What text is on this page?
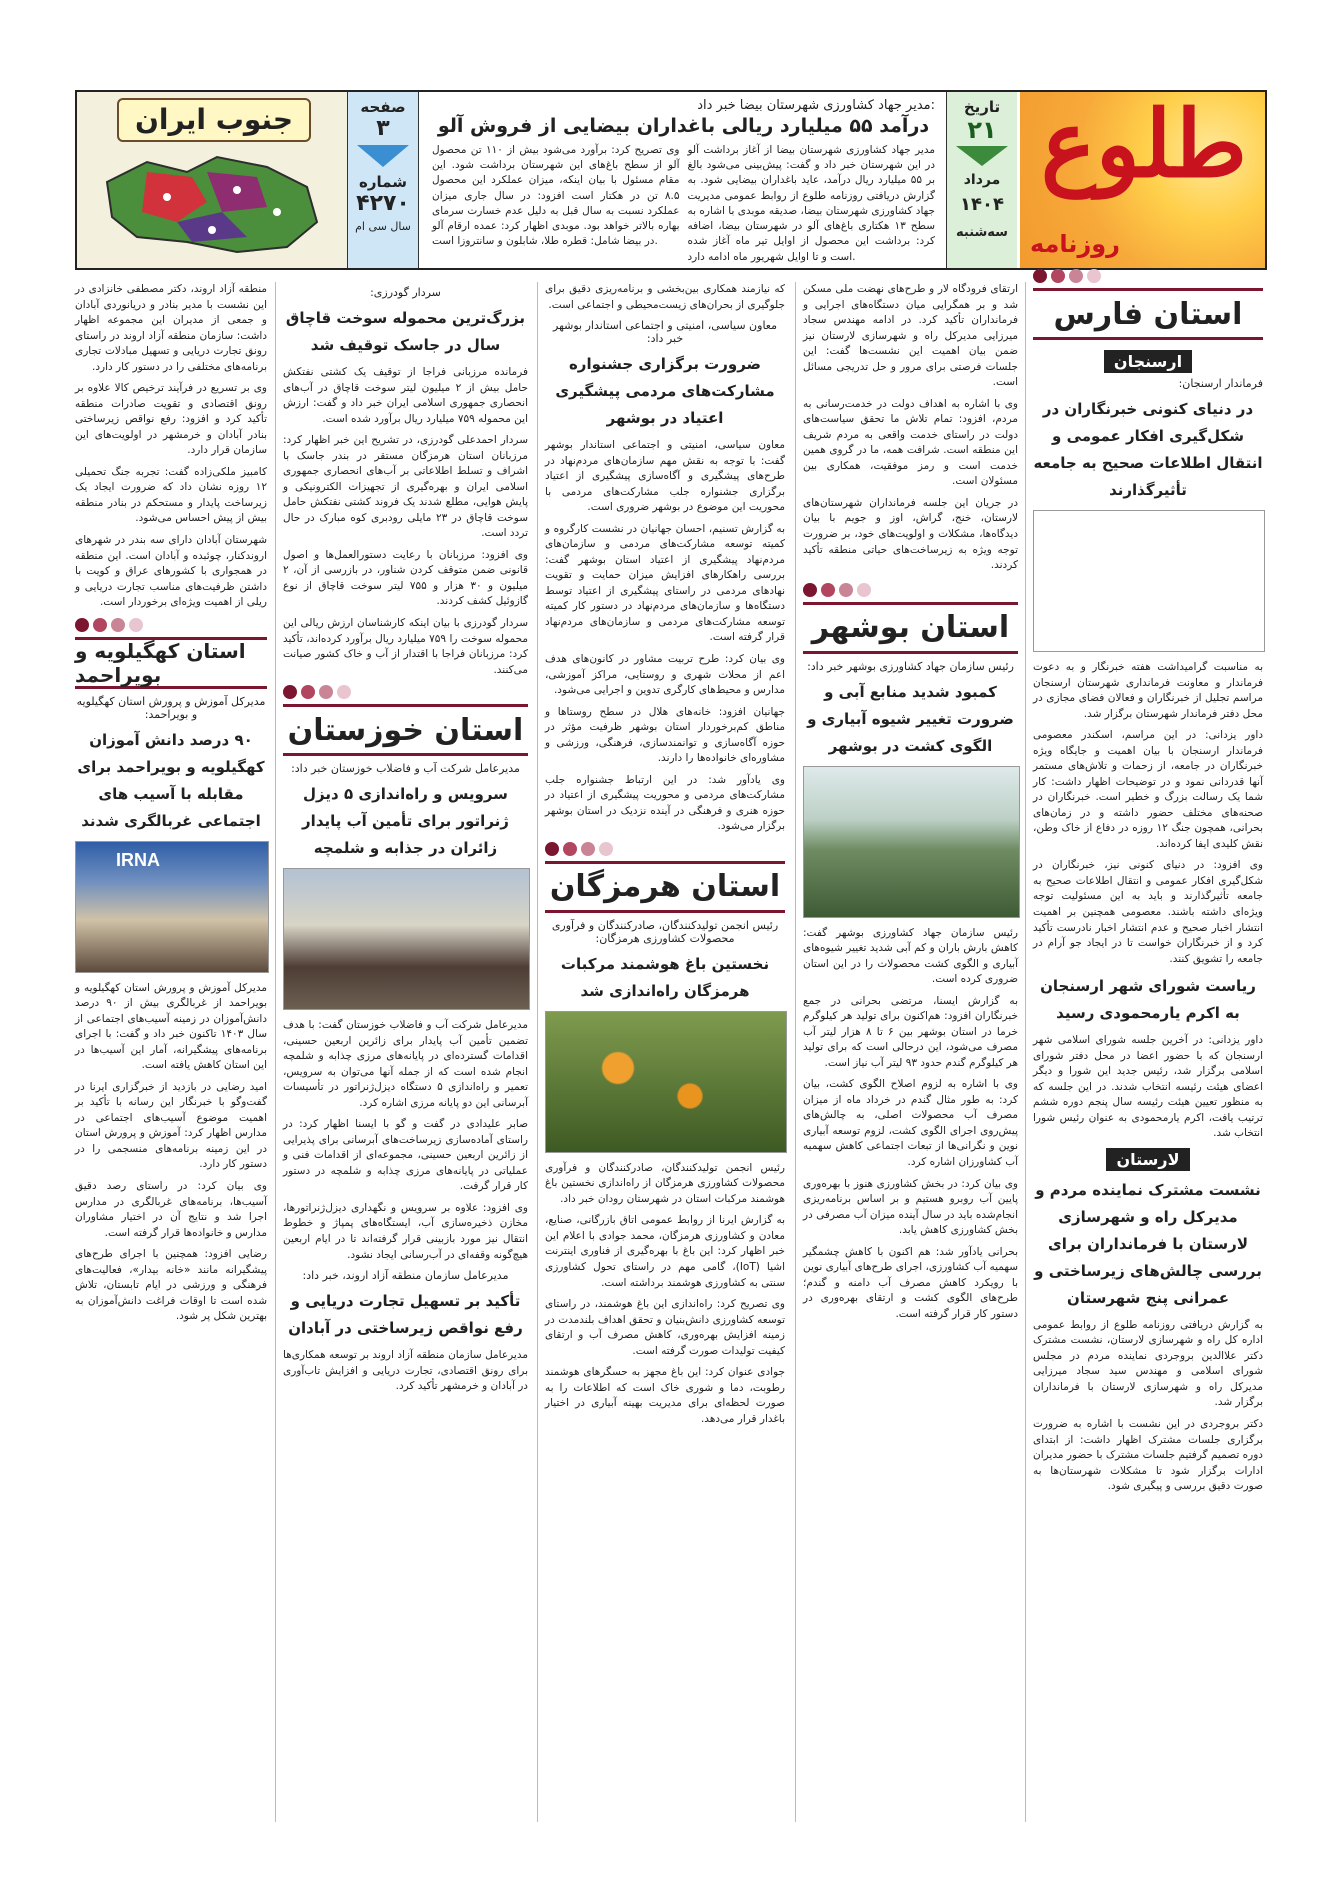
طلوع
روزنامه
تاریخ
۲۱
مرداد
۱۴۰۴
سه‌شنبه
مدیر جهاد کشاورزی شهرستان بیضا خبر داد:
درآمد ۵۵ میلیارد ریالی باغداران بیضایی از فروش آلو

مدیر جهاد کشاورزی شهرستان بیضا از آغاز برداشت آلو در این شهرستان خبر داد و گفت: پیش‌بینی می‌شود بالغ بر ۵۵ میلیارد ریال درآمد، عاید باغداران بیضایی شود. به گزارش دریافتی روزنامه طلوع از روابط عمومی مدیریت جهاد کشاورزی شهرستان بیضا، صدیقه موبدی با اشاره به سطح ۱۳ هکتاری باغ‌های آلو در شهرستان بیضا، اضافه کرد: برداشت این محصول از اوایل تیر ماه آغاز شده است و تا اوایل شهریور ماه ادامه دارد.

وی تصریح کرد: برآورد می‌شود بیش از ۱۱۰ تن محصول آلو از سطح باغ‌های این شهرستان برداشت شود. این مقام مسئول با بیان اینکه، میزان عملکرد این محصول ۸.۵ تن در هکتار است افزود: در سال جاری میزان عملکرد نسبت به سال قبل به دلیل عدم خسارت سرمای بهاره بالاتر خواهد بود. موبدی اظهار کرد: عمده ارقام آلو در بیضا شامل: قطره طلا، شابلون و سانتروزا است.

صفحه
۳
شماره
۴۲۷۰
سال سی ام
جنوب ایران
استان فارس
ارسنجان
فرماندار ارسنجان:
در دنیای کنونی خبرنگاران در شکل‌گیری افکار عمومی و انتقال اطلاعات صحیح به جامعه تأثیرگذارند

به مناسبت گرامیداشت هفته خبرنگار و به دعوت فرماندار و معاونت فرمانداری شهرستان ارسنجان مراسم تجلیل از خبرنگاران و فعالان فضای مجازی در محل دفتر فرماندار شهرستان برگزار شد.

داور یزدانی: در این مراسم، اسکندر معصومی فرماندار ارسنجان با بیان اهمیت و جایگاه ویژه خبرنگاران در جامعه، از زحمات و تلاش‌های مستمر آنها قدردانی نمود و در توضیحات اظهار داشت: کار شما یک رسالت بزرگ و خطیر است. خبرنگاران در صحنه‌های مختلف حضور داشته و در زمان‌های بحرانی، همچون جنگ ۱۲ روزه در دفاع از خاک وطن، نقش کلیدی ایفا کرده‌اند.

وی افزود: در دنیای کنونی نیز، خبرنگاران در شکل‌گیری افکار عمومی و انتقال اطلاعات صحیح به جامعه تأثیرگذارند و باید به این مسئولیت توجه ویژه‌ای داشته باشند. معصومی همچنین بر اهمیت انتشار اخبار صحیح و عدم انتشار اخبار نادرست تأکید کرد و از خبرنگاران خواست تا در ایجاد جو آرام در جامعه را تشویق کنند.

ریاست شورای شهر ارسنجان به اکرم یارمحمودی رسید

داور یزدانی: در آخرین جلسه شورای اسلامی شهر ارسنجان که با حضور اعضا در محل دفتر شورای اسلامی برگزار شد، رئیس جدید این شورا و دیگر اعضای هیئت رئیسه انتخاب شدند. در این جلسه که به منظور تعیین هیئت رئیسه سال پنجم دوره ششم ترتیب یافت، اکرم یارمحمودی به عنوان رئیس شورا انتخاب شد.

لارستان
نشست مشترک نماینده مردم و مدیرکل راه و شهرسازی لارستان با فرمانداران برای بررسی چالش‌های زیرساختی و عمرانی پنج شهرستان

به گزارش دریافتی روزنامه طلوع از روابط عمومی اداره کل راه و شهرسازی لارستان، نشست مشترک دکتر علاالدین بروجردی نماینده مردم در مجلس شورای اسلامی و مهندس سید سجاد میرزایی مدیرکل راه و شهرسازی لارستان با فرمانداران برگزار شد.

دکتر بروجردی در این نشست با اشاره به ضرورت برگزاری جلسات مشترک اظهار داشت: از ابتدای دوره تصمیم گرفتیم جلسات مشترک با حضور مدیران ادارات برگزار شود تا مشکلات شهرستان‌ها به صورت دقیق بررسی و پیگیری شود.

ارتقای فرودگاه لار و طرح‌های نهضت ملی مسکن شد و بر همگرایی میان دستگاه‌های اجرایی و فرمانداران تأکید کرد. در ادامه مهندس سجاد میرزایی مدیرکل راه و شهرسازی لارستان نیز ضمن بیان اهمیت این نشست‌ها گفت: این جلسات فرصتی برای مرور و حل تدریجی مسائل است.

وی با اشاره به اهداف دولت در خدمت‌رسانی به مردم، افزود: تمام تلاش ما تحقق سیاست‌های دولت در راستای خدمت واقعی به مردم شریف این منطقه است. شرافت همه، ما در گروی همین خدمت است و رمز موفقیت، همکاری بین مسئولان است.

در جریان این جلسه فرمانداران شهرستان‌های لارستان، خنج، گراش، اوز و جویم با بیان دیدگاه‌ها، مشکلات و اولویت‌های خود، بر ضرورت توجه ویژه به زیرساخت‌های حیاتی منطقه تأکید کردند.

استان بوشهر
رئیس سازمان جهاد کشاورزی بوشهر خبر داد:
کمبود شدید منابع آبی و ضرورت تغییر شیوه آبیاری و الگوی کشت در بوشهر

رئیس سازمان جهاد کشاورزی بوشهر گفت: کاهش بارش باران و کم آبی شدید تغییر شیوه‌های آبیاری و الگوی کشت محصولات را در این استان ضروری کرده است.

به گزارش ایسنا، مرتضی بحرانی در جمع خبرنگاران افزود: هم‌اکنون برای تولید هر کیلوگرم خرما در استان بوشهر بین ۶ تا ۸ هزار لیتر آب مصرف می‌شود، این درحالی است که برای تولید هر کیلوگرم گندم حدود ۹۳ لیتر آب نیاز است.

وی با اشاره به لزوم اصلاح الگوی کشت، بیان کرد: به طور مثال گندم در خرداد ماه از میزان مصرف آب محصولات اصلی، به چالش‌های پیش‌روی اجرای الگوی کشت، لزوم توسعه آبیاری نوین و نگرانی‌ها از تبعات اجتماعی کاهش سهمیه آب کشاورزان اشاره کرد.

وی بیان کرد: در بخش کشاورزی هنوز با بهره‌وری پایین آب روبرو هستیم و بر اساس برنامه‌ریزی انجام‌شده باید در سال آینده میزان آب مصرفی در بخش کشاورزی کاهش یابد.

بحرانی یادآور شد: هم اکنون با کاهش چشمگیر سهمیه آب کشاورزی، اجرای طرح‌های آبیاری نوین با رویکرد کاهش مصرف آب دامنه و گندم؛ طرح‌های الگوی کشت و ارتقای بهره‌وری در دستور کار قرار گرفته است.

که نیازمند همکاری بین‌بخشی و برنامه‌ریزی دقیق برای جلوگیری از بحران‌های زیست‌محیطی و اجتماعی است.

معاون سیاسی، امنیتی و اجتماعی استاندار بوشهر خبر داد:
ضرورت برگزاری جشنواره مشارکت‌های مردمی پیشگیری اعتیاد در بوشهر

معاون سیاسی، امنیتی و اجتماعی استاندار بوشهر گفت: با توجه به نقش مهم سازمان‌های مردم‌نهاد در طرح‌های پیشگیری و آگاه‌سازی پیشگیری از اعتیاد برگزاری جشنواره جلب مشارکت‌های مردمی با محوریت این موضوع در بوشهر ضروری است.

به گزارش تسنیم، احسان جهانیان در نشست کارگروه و کمیته توسعه مشارکت‌های مردمی و سازمان‌های مردم‌نهاد پیشگیری از اعتیاد استان بوشهر گفت: بررسی راهکارهای افزایش میزان حمایت و تقویت نهادهای مردمی در راستای پیشگیری از اعتیاد توسط دستگاه‌ها و سازمان‌های مردم‌نهاد در دستور کار کمیته توسعه مشارکت‌های مردمی و سازمان‌های مردم‌نهاد قرار گرفته است.

وی بیان کرد: طرح تربیت مشاور در کانون‌های هدف اعم از محلات شهری و روستایی، مراکز آموزشی، مدارس و محیط‌های کارگری تدوین و اجرایی می‌شود.

جهانیان افزود: خانه‌های هلال در سطح روستاها و مناطق کم‌برخوردار استان بوشهر ظرفیت مؤثر در حوزه آگاه‌سازی و توانمندسازی، فرهنگی، ورزشی و مشاوره‌ای خانواده‌ها را دارند.

وی یادآور شد: در این ارتباط جشنواره جلب مشارکت‌های مردمی و محوریت پیشگیری از اعتیاد در حوزه هنری و فرهنگی در آینده نزدیک در استان بوشهر برگزار می‌شود.

استان هرمزگان
رئیس انجمن تولیدکنندگان، صادرکنندگان و فرآوری محصولات کشاورزی هرمزگان:
نخستین باغ هوشمند مرکبات هرمزگان راه‌اندازی شد

رئیس انجمن تولیدکنندگان، صادرکنندگان و فرآوری محصولات کشاورزی هرمزگان از راه‌اندازی نخستین باغ هوشمند مرکبات استان در شهرستان رودان خبر داد.

به گزارش ایرنا از روابط عمومی اتاق بازرگانی، صنایع، معادن و کشاورزی هرمزگان، محمد جوادی با اعلام این خبر اظهار کرد: این باغ با بهره‌گیری از فناوری اینترنت اشیا (IoT)، گامی مهم در راستای تحول کشاورزی سنتی به کشاورزی هوشمند برداشته است.

وی تصریح کرد: راه‌اندازی این باغ هوشمند، در راستای توسعه کشاورزی دانش‌بنیان و تحقق اهداف بلندمدت در زمینه افزایش بهره‌وری، کاهش مصرف آب و ارتقای کیفیت تولیدات صورت گرفته است.

جوادی عنوان کرد: این باغ مجهز به حسگرهای هوشمند رطوبت، دما و شوری خاک است که اطلاعات را به صورت لحظه‌ای برای مدیریت بهینه آبیاری در اختیار باغدار قرار می‌دهد.

سردار گودرزی:
بزرگ‌ترین محموله سوخت قاچاق سال در جاسک توقیف شد

فرمانده مرزبانی فراجا از توقیف یک کشتی نفتکش حامل بیش از ۲ میلیون لیتر سوخت قاچاق در آب‌های انحصاری جمهوری اسلامی ایران خبر داد و گفت: ارزش این محموله ۷۵۹ میلیارد ریال برآورد شده است.

سردار احمدعلی گودرزی، در تشریح این خبر اظهار کرد: مرزبانان استان هرمزگان مستقر در بندر جاسک با اشراف و تسلط اطلاعاتی بر آب‌های انحصاری جمهوری اسلامی ایران و بهره‌گیری از تجهیزات الکترونیکی و پایش هوایی، مطلع شدند یک فروند کشتی نفتکش حامل سوخت قاچاق در ۲۳ مایلی رودبری کوه مبارک در حال تردد است.

وی افزود: مرزبانان با رعایت دستورالعمل‌ها و اصول قانونی ضمن متوقف کردن شناور، در بازرسی از آن، ۲ میلیون و ۳۰ هزار و ۷۵۵ لیتر سوخت قاچاق از نوع گازوئیل کشف کردند.

سردار گودرزی با بیان اینکه کارشناسان ارزش ریالی این محموله سوخت را ۷۵۹ میلیارد ریال برآورد کرده‌اند، تأکید کرد: مرزبانان فراجا با اقتدار از آب و خاک کشور صیانت می‌کنند.

استان خوزستان
مدیرعامل شرکت آب و فاضلاب خوزستان خبر داد:
سرویس و راه‌اندازی ۵ دیزل ژنراتور برای تأمین آب پایدار زائران در جذابه و شلمچه

مدیرعامل شرکت آب و فاضلاب خوزستان گفت: با هدف تضمین تأمین آب پایدار برای زائرین اربعین حسینی، اقدامات گسترده‌ای در پایانه‌های مرزی چذابه و شلمچه انجام شده است که از جمله آنها می‌توان به سرویس، تعمیر و راه‌اندازی ۵ دستگاه دیزل‌ژنراتور در تأسیسات آبرسانی این دو پایانه مرزی اشاره کرد.

صابر علیدادی در گفت و گو با ایسنا اظهار کرد: در راستای آماده‌سازی زیرساخت‌های آبرسانی برای پذیرایی از زائرین اربعین حسینی، مجموعه‌ای از اقدامات فنی و عملیاتی در پایانه‌های مرزی چذابه و شلمچه در دستور کار قرار گرفت.

وی افزود: علاوه بر سرویس و نگهداری دیزل‌ژنراتورها، مخازن ذخیره‌سازی آب، ایستگاه‌های پمپاژ و خطوط انتقال نیز مورد بازبینی قرار گرفته‌اند تا در ایام اربعین هیچ‌گونه وقفه‌ای در آب‌رسانی ایجاد نشود.

مدیرعامل سازمان منطقه آزاد اروند، خبر داد:
تأکید بر تسهیل تجارت دریایی و رفع نواقص زیرساختی در آبادان

مدیرعامل سازمان منطقه آزاد اروند بر توسعه همکاری‌ها برای رونق اقتصادی، تجارت دریایی و افزایش تاب‌آوری در آبادان و خرمشهر تأکید کرد.

منطقه آزاد اروند، دکتر مصطفی خانزادی در این نشست با مدیر بنادر و دریانوردی آبادان و جمعی از مدیران این مجموعه اظهار داشت: سازمان منطقه آزاد اروند در راستای رونق تجارت دریایی و تسهیل مبادلات تجاری برنامه‌های مختلفی را در دستور کار دارد.

وی بر تسریع در فرآیند ترخیص کالا علاوه بر رونق اقتصادی و تقویت صادرات منطقه تأکید کرد و افزود: رفع نواقص زیرساختی بنادر آبادان و خرمشهر در اولویت‌های این سازمان قرار دارد.

کامبیز ملکی‌زاده گفت: تجربه جنگ تحمیلی ۱۲ روزه نشان داد که ضرورت ایجاد یک زیرساخت پایدار و مستحکم در بنادر منطقه بیش از پیش احساس می‌شود.

شهرستان آبادان دارای سه بندر در شهرهای اروندکنار، چوئبده و آبادان است. این منطقه در همجواری با کشورهای عراق و کویت با داشتن ظرفیت‌های مناسب تجارت دریایی و ریلی از اهمیت ویژه‌ای برخوردار است.

استان کهگیلویه و بویراحمد
مدیرکل آموزش و پرورش استان کهگیلویه و بویراحمد:
۹۰ درصد دانش آموزان کهگیلویه و بویراحمد برای مقابله با آسیب های اجتماعی غربالگری شدند
IRNA

مدیرکل آموزش و پرورش استان کهگیلویه و بویراحمد از غربالگری بیش از ۹۰ درصد دانش‌آموزان در زمینه آسیب‌های اجتماعی از سال ۱۴۰۳ تاکنون خبر داد و گفت: با اجرای برنامه‌های پیشگیرانه، آمار این آسیب‌ها در این استان کاهش یافته است.

امید رضایی در بازدید از خبرگزاری ایرنا در گفت‌وگو با خبرنگار این رسانه با تأکید بر اهمیت موضوع آسیب‌های اجتماعی در مدارس اظهار کرد: آموزش و پرورش استان در این زمینه برنامه‌های منسجمی را در دستور کار دارد.

وی بیان کرد: در راستای رصد دقیق آسیب‌ها، برنامه‌های غربالگری در مدارس اجرا شد و نتایج آن در اختیار مشاوران مدارس و خانواده‌ها قرار گرفته است.

رضایی افزود: همچنین با اجرای طرح‌های پیشگیرانه مانند «خانه بیدار»، فعالیت‌های فرهنگی و ورزشی در ایام تابستان، تلاش شده است تا اوقات فراغت دانش‌آموزان به بهترین شکل پر شود.
